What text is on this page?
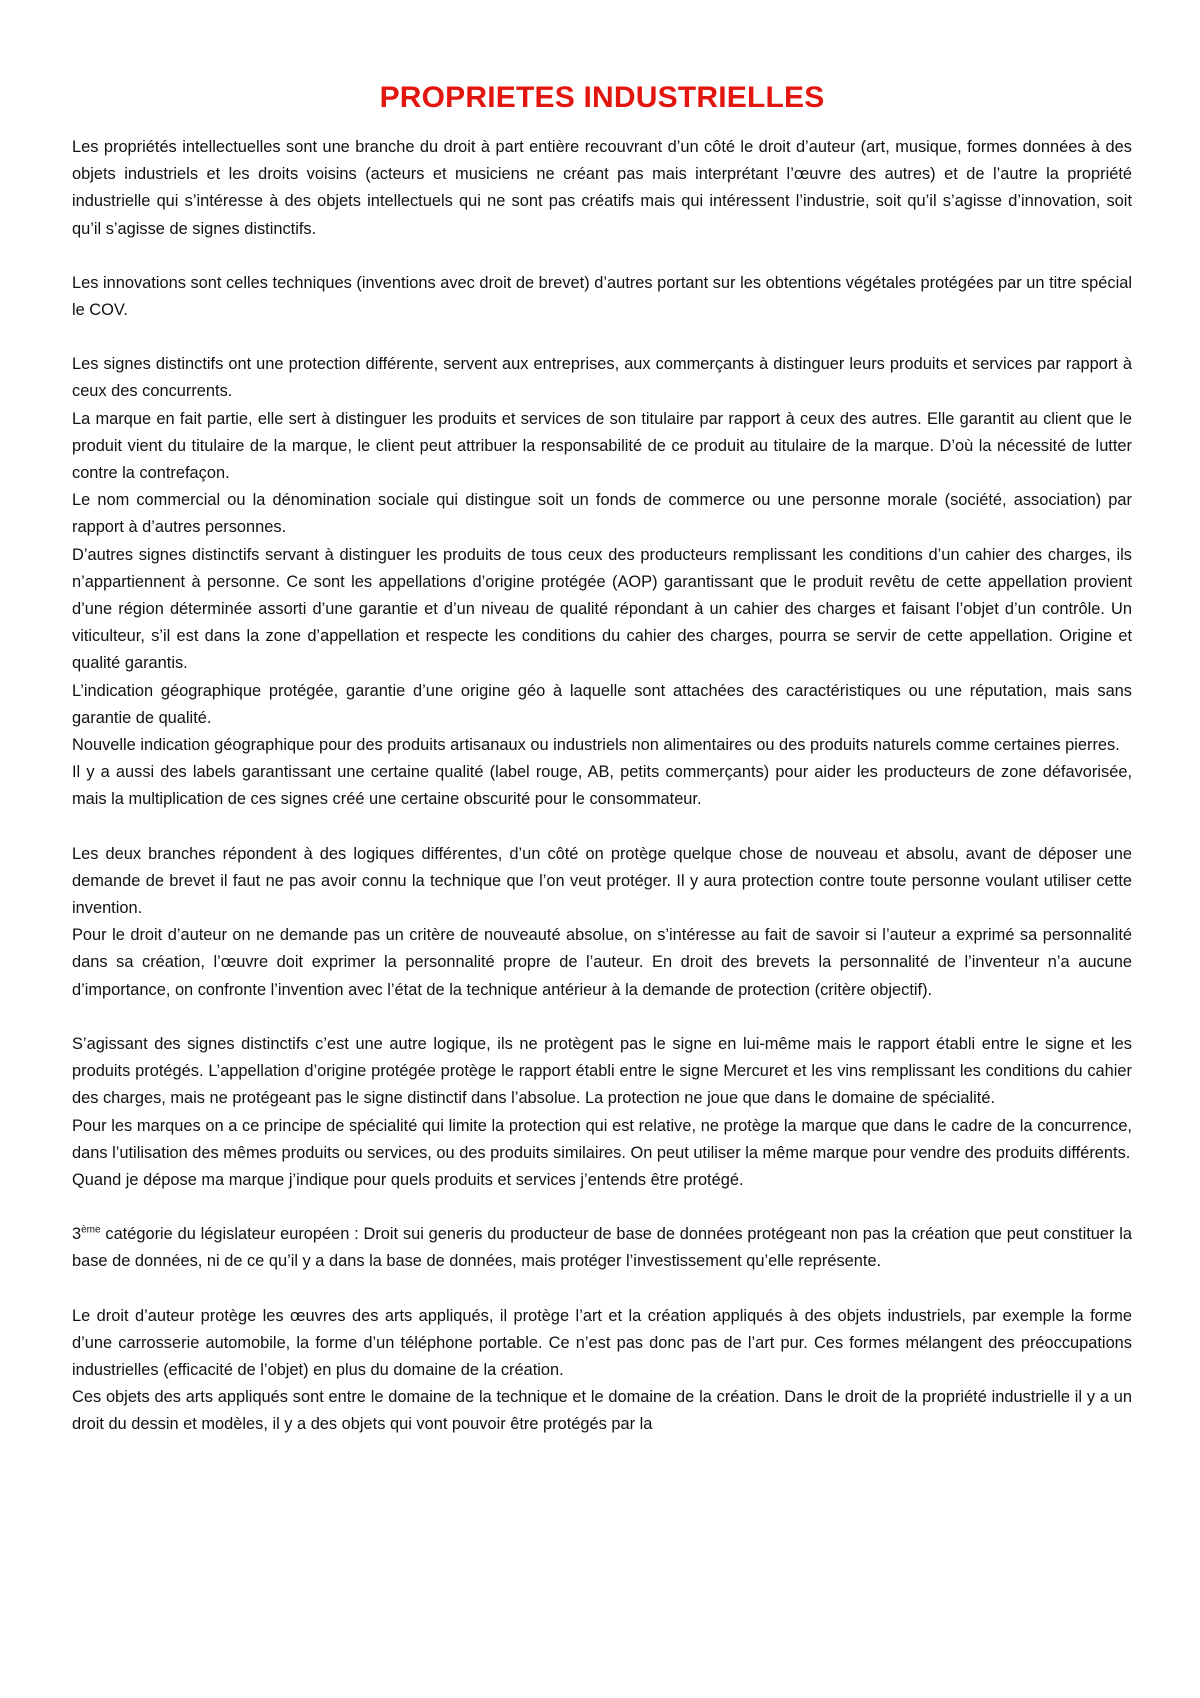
PROPRIETES INDUSTRIELLES

Les propriétés intellectuelles sont une branche du droit à part entière recouvrant d’un côté le droit d’auteur (art, musique, formes données à des objets industriels et les droits voisins (acteurs et musiciens ne créant pas mais interprétant l’œuvre des autres) et de l’autre la propriété industrielle qui s’intéresse à des objets intellectuels qui ne sont pas créatifs mais qui intéressent l’industrie, soit qu’il s’agisse d’innovation, soit qu’il s’agisse de signes distinctifs.

Les innovations sont celles techniques (inventions avec droit de brevet) d’autres portant sur les obtentions végétales protégées par un titre spécial le COV.

Les signes distinctifs ont une protection différente, servent aux entreprises, aux commerçants à distinguer leurs produits et services par rapport à ceux des concurrents.

La marque en fait partie, elle sert à distinguer les produits et services de son titulaire par rapport à ceux des autres. Elle garantit au client que le produit vient du titulaire de la marque, le client peut attribuer la responsabilité de ce produit au titulaire de la marque. D’où la nécessité de lutter contre la contrefaçon.

Le nom commercial ou la dénomination sociale qui distingue soit un fonds de commerce ou une personne morale (société, association) par rapport à d’autres personnes.

D’autres signes distinctifs servant à distinguer les produits de tous ceux des producteurs remplissant les conditions d’un cahier des charges, ils n’appartiennent à personne. Ce sont les appellations d’origine protégée (AOP) garantissant que le produit revêtu de cette appellation provient d’une région déterminée assorti d’une garantie et d’un niveau de qualité répondant à un cahier des charges et faisant l’objet d’un contrôle. Un viticulteur, s’il est dans la zone d’appellation et respecte les conditions du cahier des charges, pourra se servir de cette appellation. Origine et qualité garantis.

L’indication géographique protégée, garantie d’une origine géo à laquelle sont attachées des caractéristiques ou une réputation, mais sans garantie de qualité.

Nouvelle indication géographique pour des produits artisanaux ou industriels non alimentaires ou des produits naturels comme certaines pierres.

Il y a aussi des labels garantissant une certaine qualité (label rouge, AB, petits commerçants) pour aider les producteurs de zone défavorisée, mais la multiplication de ces signes créé une certaine obscurité pour le consommateur.

Les deux branches répondent à des logiques différentes, d’un côté on protège quelque chose de nouveau et absolu, avant de déposer une demande de brevet il faut ne pas avoir connu la technique que l’on veut protéger. Il y aura protection contre toute personne voulant utiliser cette invention.

Pour le droit d’auteur on ne demande pas un critère de nouveauté absolue, on s’intéresse au fait de savoir si l’auteur a exprimé sa personnalité dans sa création, l’œuvre doit exprimer la personnalité propre de l’auteur. En droit des brevets la personnalité de l’inventeur n’a aucune d’importance, on confronte l’invention avec l’état de la technique antérieur à la demande de protection (critère objectif).

S’agissant des signes distinctifs c’est une autre logique, ils ne protègent pas le signe en lui-même mais le rapport établi entre le signe et les produits protégés. L’appellation d’origine protégée protège le rapport établi entre le signe Mercuret et les vins remplissant les conditions du cahier des charges, mais ne protégeant pas le signe distinctif dans l’absolue. La protection ne joue que dans le domaine de spécialité.

Pour les marques on a ce principe de spécialité qui limite la protection qui est relative, ne protège la marque que dans le cadre de la concurrence, dans l’utilisation des mêmes produits ou services, ou des produits similaires. On peut utiliser la même marque pour vendre des produits différents.

Quand je dépose ma marque j’indique pour quels produits et services j’entends être protégé.

3ème catégorie du législateur européen : Droit sui generis du producteur de base de données protégeant non pas la création que peut constituer la base de données, ni de ce qu’il y a dans la base de données, mais protéger l’investissement qu’elle représente.

Le droit d’auteur protège les œuvres des arts appliqués, il protège l’art et la création appliqués à des objets industriels, par exemple la forme d’une carrosserie automobile, la forme d’un téléphone portable. Ce n’est pas donc pas de l’art pur. Ces formes mélangent des préoccupations industrielles (efficacité de l’objet) en plus du domaine de la création.

Ces objets des arts appliqués sont entre le domaine de la technique et le domaine de la création. Dans le droit de la propriété industrielle il y a un droit du dessin et modèles, il y a des objets qui vont pouvoir être protégés par la
